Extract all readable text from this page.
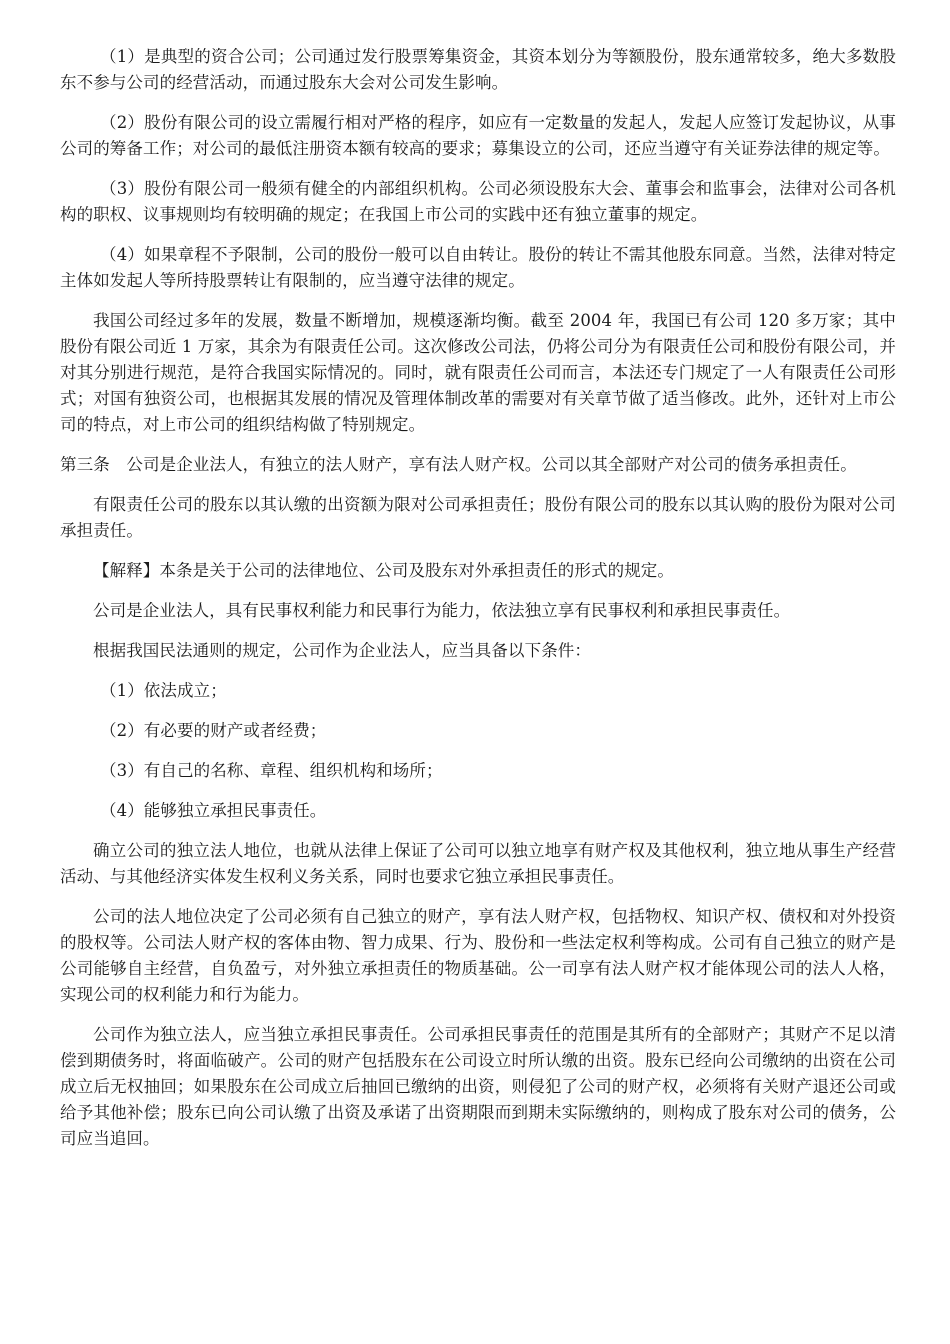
（1）是典型的资合公司；公司通过发行股票筹集资金，其资本划分为等额股份，股东通常较多，绝大多数股东不参与公司的经营活动，而通过股东大会对公司发生影响。

（2）股份有限公司的设立需履行相对严格的程序，如应有一定数量的发起人，发起人应签订发起协议，从事公司的筹备工作；对公司的最低注册资本额有较高的要求；募集设立的公司，还应当遵守有关证券法律的规定等。

（3）股份有限公司一般须有健全的内部组织机构。公司必须设股东大会、董事会和监事会，法律对公司各机构的职权、议事规则均有较明确的规定；在我国上市公司的实践中还有独立董事的规定。

（4）如果章程不予限制，公司的股份一般可以自由转让。股份的转让不需其他股东同意。当然，法律对特定主体如发起人等所持股票转让有限制的，应当遵守法律的规定。

我国公司经过多年的发展，数量不断增加，规模逐渐均衡。截至 2004 年，我国已有公司 120 多万家；其中股份有限公司近 1 万家，其余为有限责任公司。这次修改公司法，仍将公司分为有限责任公司和股份有限公司，并对其分别进行规范，是符合我国实际情况的。同时，就有限责任公司而言，本法还专门规定了一人有限责任公司形式；对国有独资公司，也根据其发展的情况及管理体制改革的需要对有关章节做了适当修改。此外，还针对上市公司的特点，对上市公司的组织结构做了特别规定。

第三条　公司是企业法人，有独立的法人财产，享有法人财产权。公司以其全部财产对公司的债务承担责任。

有限责任公司的股东以其认缴的出资额为限对公司承担责任；股份有限公司的股东以其认购的股份为限对公司承担责任。

【解释】本条是关于公司的法律地位、公司及股东对外承担责任的形式的规定。

公司是企业法人，具有民事权利能力和民事行为能力，依法独立享有民事权利和承担民事责任。

根据我国民法通则的规定，公司作为企业法人，应当具备以下条件：

（1）依法成立；

（2）有必要的财产或者经费；

（3）有自己的名称、章程、组织机构和场所；

（4）能够独立承担民事责任。

确立公司的独立法人地位，也就从法律上保证了公司可以独立地享有财产权及其他权利，独立地从事生产经营活动、与其他经济实体发生权利义务关系，同时也要求它独立承担民事责任。

公司的法人地位决定了公司必须有自己独立的财产，享有法人财产权，包括物权、知识产权、债权和对外投资的股权等。公司法人财产权的客体由物、智力成果、行为、股份和一些法定权利等构成。公司有自己独立的财产是公司能够自主经营，自负盈亏，对外独立承担责任的物质基础。公一司享有法人财产权才能体现公司的法人人格，实现公司的权利能力和行为能力。

公司作为独立法人，应当独立承担民事责任。公司承担民事责任的范围是其所有的全部财产；其财产不足以清偿到期债务时，将面临破产。公司的财产包括股东在公司设立时所认缴的出资。股东已经向公司缴纳的出资在公司成立后无权抽回；如果股东在公司成立后抽回已缴纳的出资，则侵犯了公司的财产权，必须将有关财产退还公司或给予其他补偿；股东已向公司认缴了出资及承诺了出资期限而到期未实际缴纳的，则构成了股东对公司的债务，公司应当追回。
